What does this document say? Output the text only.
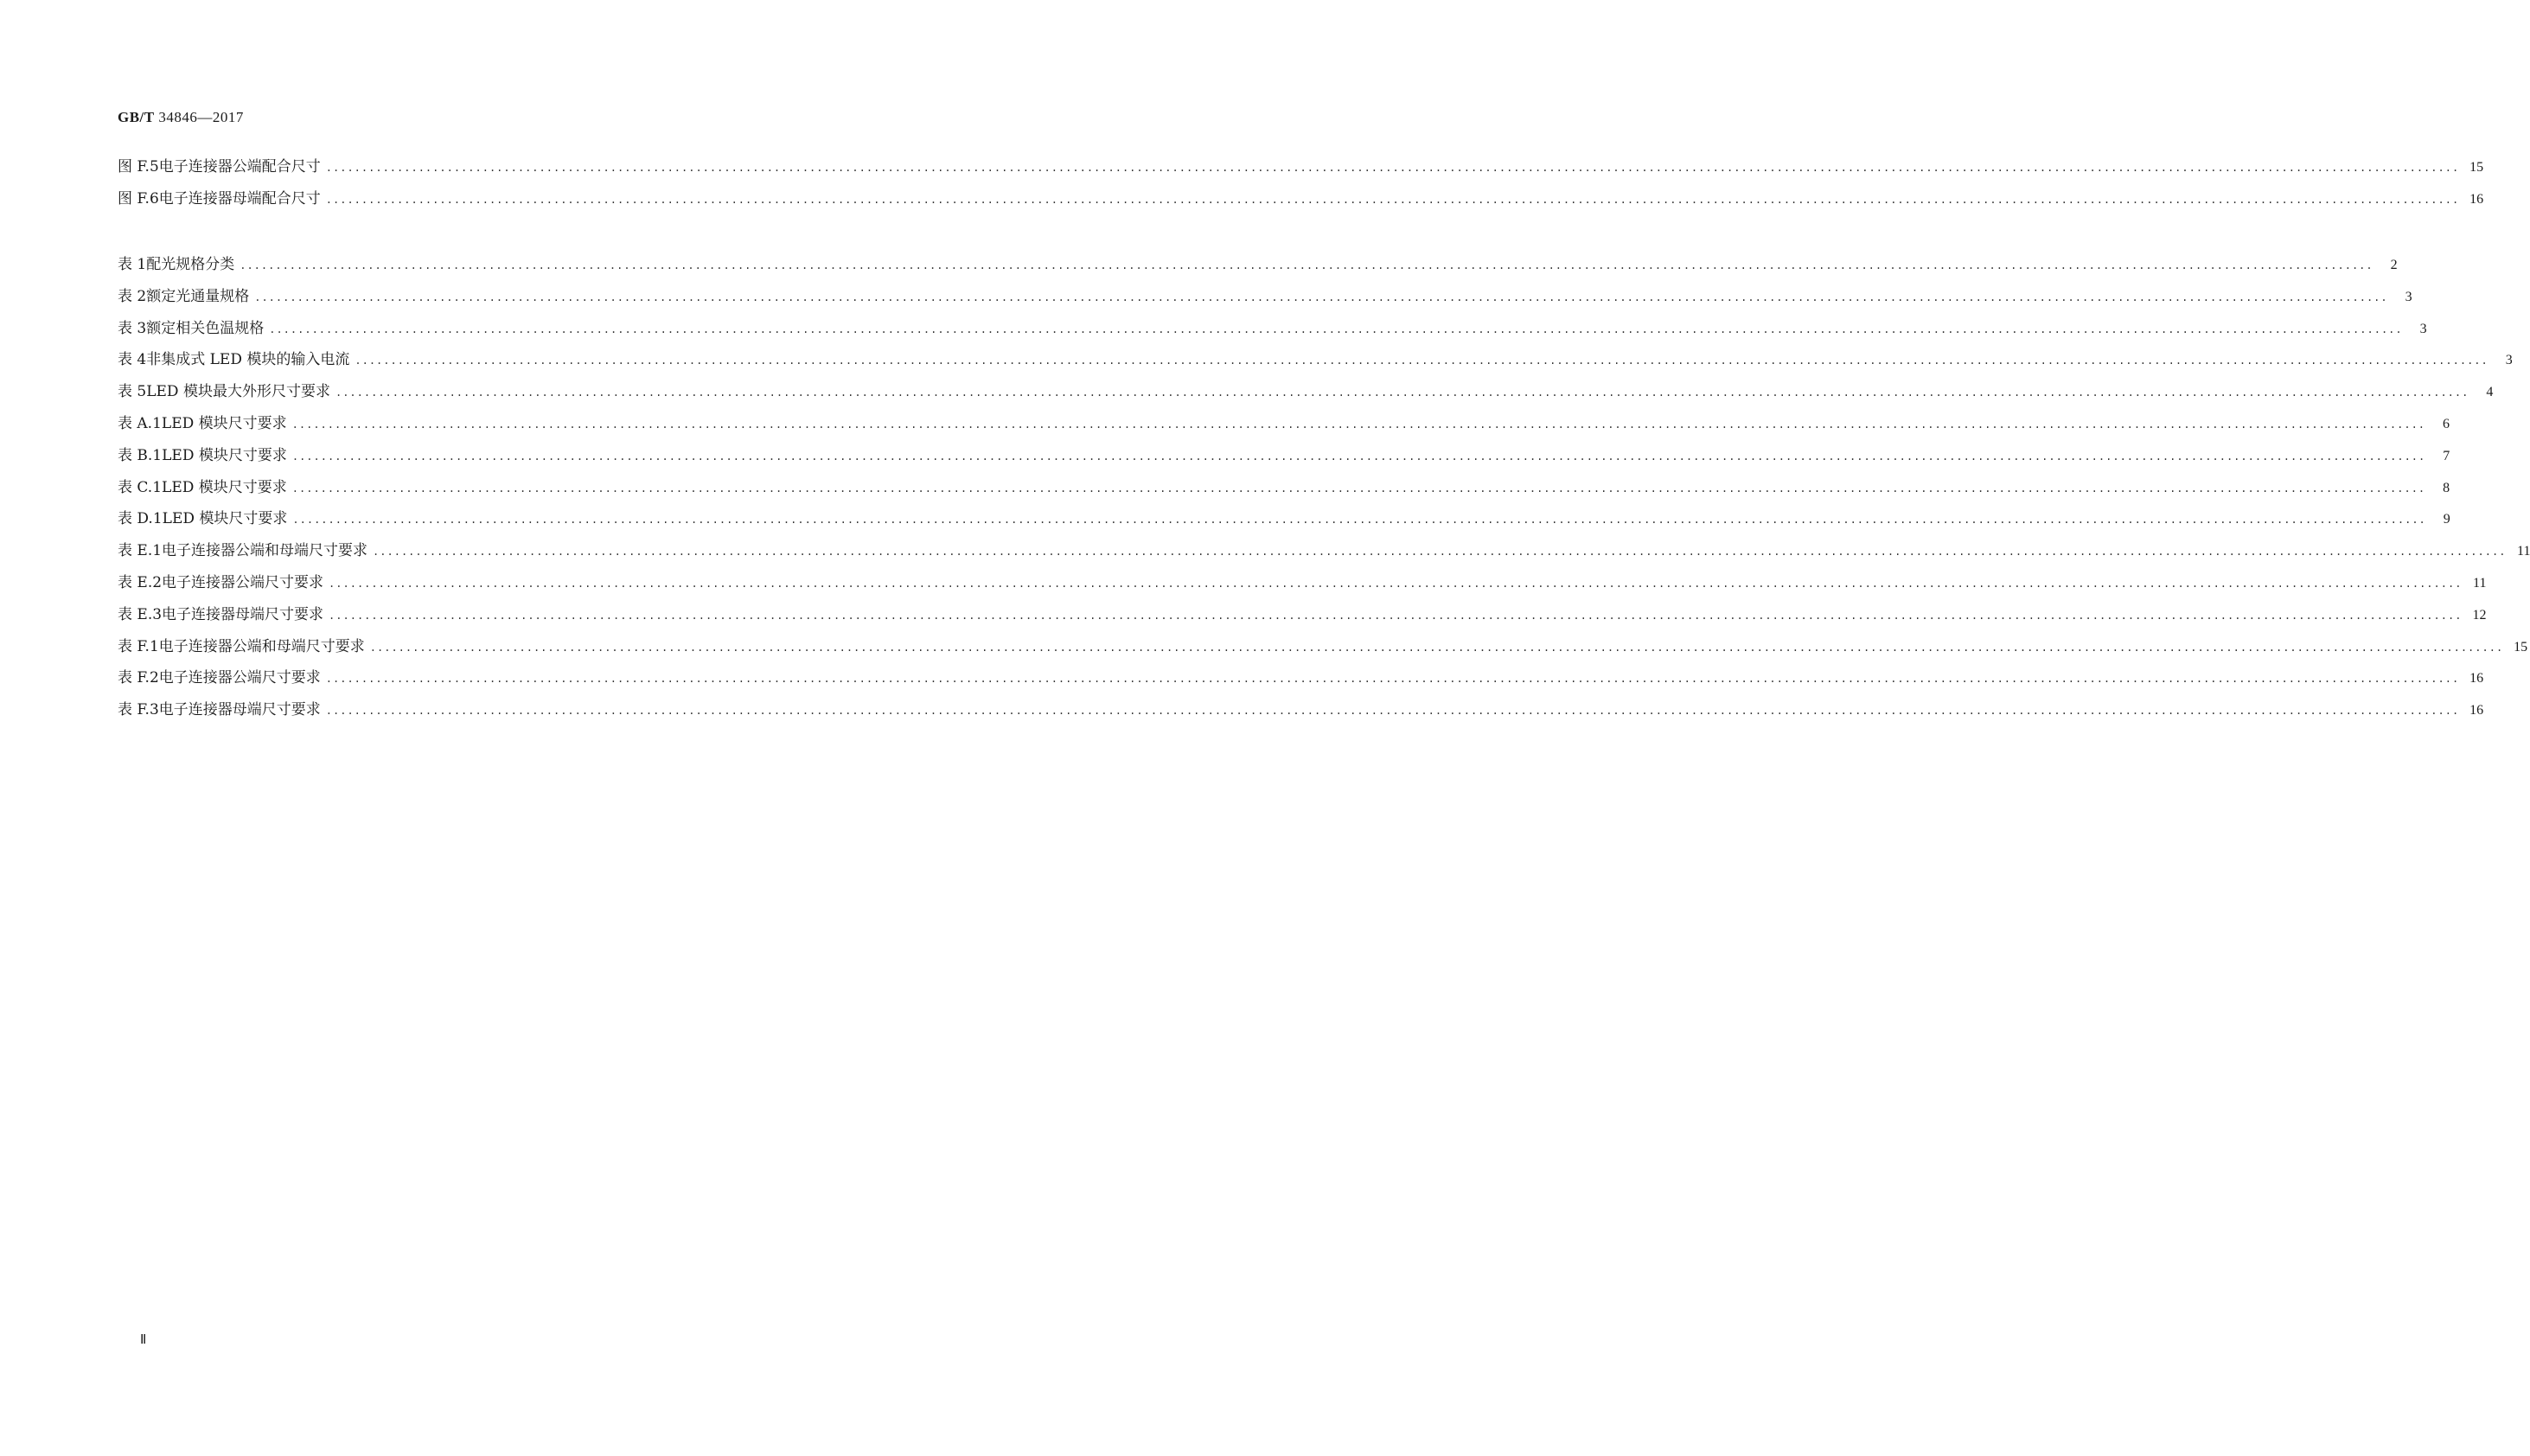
GB/T 34846—2017
图 F.5 电子连接器公端配合尺寸 ............................................................................................................................................................................................................................................................................................................ 15
图 F.6 电子连接器母端配合尺寸 ............................................................................................................................................................................................................................................................................................................ 16
表 1 配光规格分类 ............................................................................................................................................................................................................................................................................................................	2
表 2 额定光通量规格 ............................................................................................................................................................................................................................................................................................................	3
表 3 额定相关色温规格 ............................................................................................................................................................................................................................................................................................................	3
表 4 非集成式 LED 模块的输入电流 ............................................................................................................................................................................................................................................................................................................	3
表 5 LED 模块最大外形尺寸要求 ............................................................................................................................................................................................................................................................................................................	4
表 A.1 LED 模块尺寸要求 ............................................................................................................................................................................................................................................................................................................	6
表 B.1 LED 模块尺寸要求 ............................................................................................................................................................................................................................................................................................................	7
表 C.1 LED 模块尺寸要求 ............................................................................................................................................................................................................................................................................................................	8
表 D.1 LED 模块尺寸要求 ............................................................................................................................................................................................................................................................................................................	9
表 E.1 电子连接器公端和母端尺寸要求 ............................................................................................................................................................................................................................................................................................................ 11
表 E.2 电子连接器公端尺寸要求 ............................................................................................................................................................................................................................................................................................................ 11
表 E.3 电子连接器母端尺寸要求 ............................................................................................................................................................................................................................................................................................................ 12
表 F.1 电子连接器公端和母端尺寸要求 ............................................................................................................................................................................................................................................................................................................ 15
表 F.2 电子连接器公端尺寸要求 ............................................................................................................................................................................................................................................................................................................ 16
表 F.3 电子连接器母端尺寸要求 ............................................................................................................................................................................................................................................................................................................ 16
Ⅱ
